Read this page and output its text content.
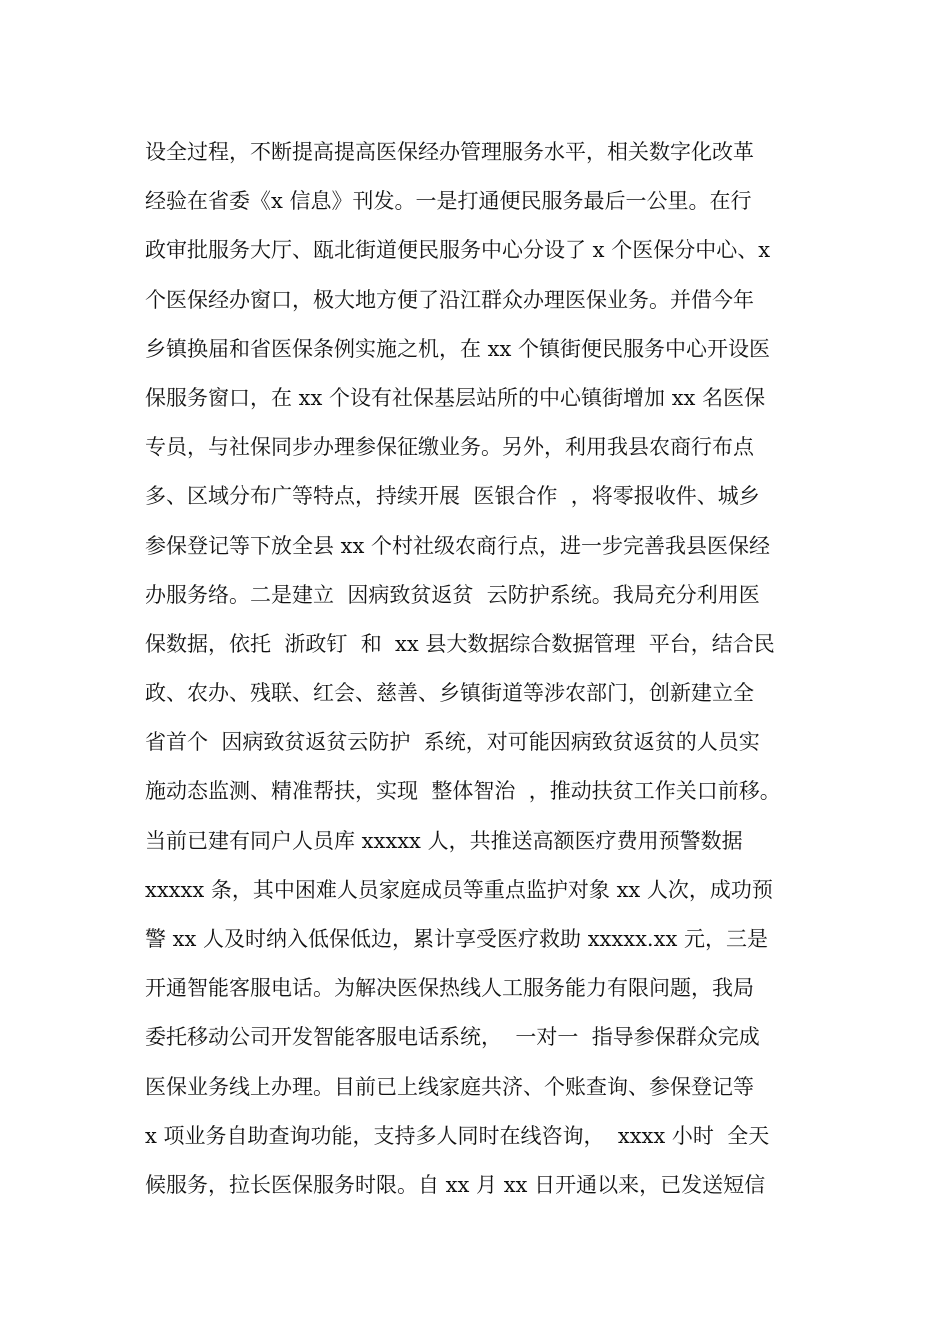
设全过程，不断提高提高医保经办管理服务水平，相关数字化改革
经验在省委《x 信息》刊发。一是打通便民服务最后一公里。在行
政审批服务大厅、瓯北街道便民服务中心分设了 x 个医保分中心、x
个医保经办窗口，极大地方便了沿江群众办理医保业务。并借今年
乡镇换届和省医保条例实施之机，在 xx 个镇街便民服务中心开设医
保服务窗口，在 xx 个设有社保基层站所的中心镇街增加 xx 名医保
专员，与社保同步办理参保征缴业务。另外，利用我县农商行布点
多、区域分布广等特点，持续开展  医银合作  ，将零报收件、城乡
参保登记等下放全县 xx 个村社级农商行点，进一步完善我县医保经
办服务络。二是建立  因病致贫返贫  云防护系统。我局充分利用医
保数据，依托  浙政钉  和  xx 县大数据综合数据管理  平台，结合民
政、农办、残联、红会、慈善、乡镇街道等涉农部门，创新建立全
省首个  因病致贫返贫云防护  系统，对可能因病致贫返贫的人员实
施动态监测、精准帮扶，实现  整体智治  ，推动扶贫工作关口前移。
当前已建有同户人员库 xxxxx 人，共推送高额医疗费用预警数据
xxxxx 条，其中困难人员家庭成员等重点监护对象 xx 人次，成功预
警 xx 人及时纳入低保低边，累计享受医疗救助 xxxxx.xx 元，三是
开通智能客服电话。为解决医保热线人工服务能力有限问题，我局
委托移动公司开发智能客服电话系统，  一对一  指导参保群众完成
医保业务线上办理。目前已上线家庭共济、个账查询、参保登记等
x 项业务自助查询功能，支持多人同时在线咨询，  xxxx 小时  全天
候服务，拉长医保服务时限。自 xx 月 xx 日开通以来，已发送短信
